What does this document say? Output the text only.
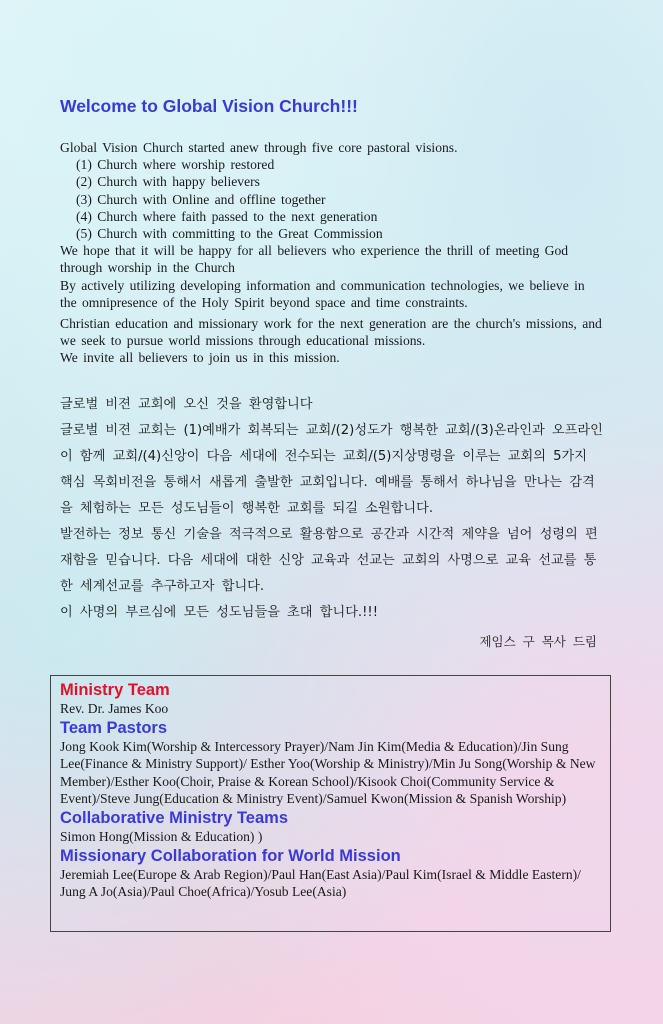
Welcome to Global Vision Church!!!

Global Vision Church started anew through five core pastoral visions.

(1) Church where worship restored
(2) Church with happy believers
(3) Church with Online and offline together
(4) Church where faith passed to the next generation
(5) Church with committing to the Great Commission

We hope that it will be happy for all believers who experience the thrill of meeting God through worship in the Church

By actively utilizing developing information and communication technologies, we believe in the omnipresence of the Holy Spirit beyond space and time constraints.

Christian education and missionary work for the next generation are the church's missions, and we seek to pursue world missions through educational missions.

We invite all believers to join us in this mission.

글로벌 비젼 교회에 오신 것을 환영합니다

글로벌 비젼 교회는 (1)예배가 회복되는 교회/(2)성도가 행복한 교회/(3)온라인과 오프라인이 함께 교회/(4)신앙이 다음 세대에 전수되는 교회/(5)지상명령을 이루는 교회의 5가지 핵심 목회비전을 통해서 새롭게 출발한 교회입니다. 예배를 통해서 하나님을 만나는 감격을 체험하는 모든 성도님들이 행복한 교회를 되길 소원합니다.

발전하는 정보 통신 기술을 적극적으로 활용함으로 공간과 시간적 제약을 넘어 성령의 편재함을 믿습니다. 다음 세대에 대한 신앙 교육과 선교는 교회의 사명으로 교육 선교를 통한 세계선교를 추구하고자 합니다.

이 사명의 부르심에 모든 성도님들을 초대 합니다.!!!

제임스 구 목사 드림

Ministry Team

Rev. Dr. James Koo

Team Pastors

Jong Kook Kim(Worship & Intercessory Prayer)/Nam Jin Kim(Media & Education)/Jin Sung Lee(Finance & Ministry Support)/ Esther Yoo(Worship & Ministry)/Min Ju Song(Worship & New Member)/Esther Koo(Choir, Praise & Korean School)/Kisook Choi(Community Service & Event)/Steve Jung(Education & Ministry Event)/Samuel Kwon(Mission & Spanish Worship)

Collaborative Ministry Teams

Simon Hong(Mission & Education) )

Missionary Collaboration for World Mission

Jeremiah Lee(Europe & Arab Region)/Paul Han(East Asia)/Paul Kim(Israel & Middle Eastern)/ Jung A Jo(Asia)/Paul Choe(Africa)/Yosub Lee(Asia)
